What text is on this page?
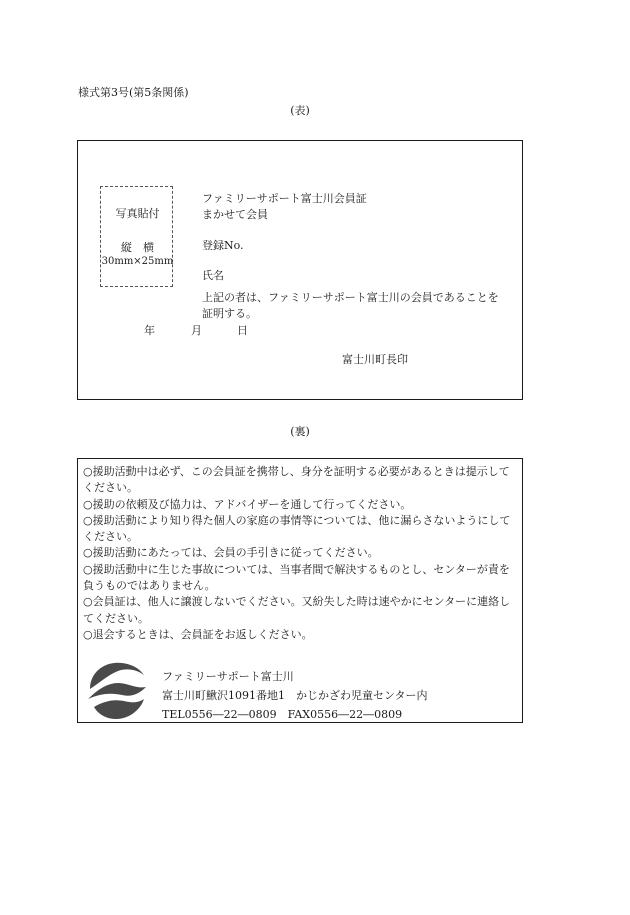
様式第3号(第5条関係)
(表)
写真貼付
縦　横
30mm×25mm
ファミリーサポート富士川会員証
まかせて会員
登録No.
氏名
上記の者は、ファミリーサポート富士川の会員であることを証明する。
年	月	日
富士川町長印
(裏)
○援助活動中は必ず、この会員証を携帯し、身分を証明する必要があるときは提示してください。
○援助の依頼及び協力は、アドバイザーを通して行ってください。
○援助活動により知り得た個人の家庭の事情等については、他に漏らさないようにしてください。
○援助活動にあたっては、会員の手引きに従ってください。
○援助活動中に生じた事故については、当事者間で解決するものとし、センターが責を負うものではありません。
○会員証は、他人に譲渡しないでください。又紛失した時は速やかにセンターに連絡してください。
○退会するときは、会員証をお返しください。
ファミリーサポート富士川
富士川町鰍沢1091番地1　かじかざわ児童センター内
TEL0556―22―0809　FAX0556―22―0809
